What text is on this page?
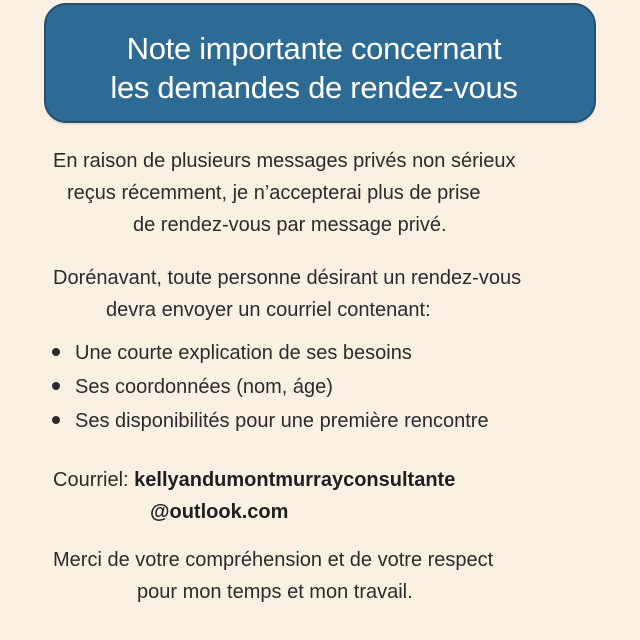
Note importante concernant
les demandes de rendez-vous
En raison de plusieurs messages privés non sérieux
reçus récemment, je n’accepterai plus de prise
de rendez-vous par message privé.
Dorénavant, toute personne désirant un rendez-vous
devra envoyer un courriel contenant:
Une courte explication de ses besoins
Ses coordonnées (nom, áge)
Ses disponibilités pour une première rencontre
Courriel: kellyandumontmurrayconsultante
@outlook.com
Merci de votre compréhension et de votre respect
pour mon temps et mon travail.
